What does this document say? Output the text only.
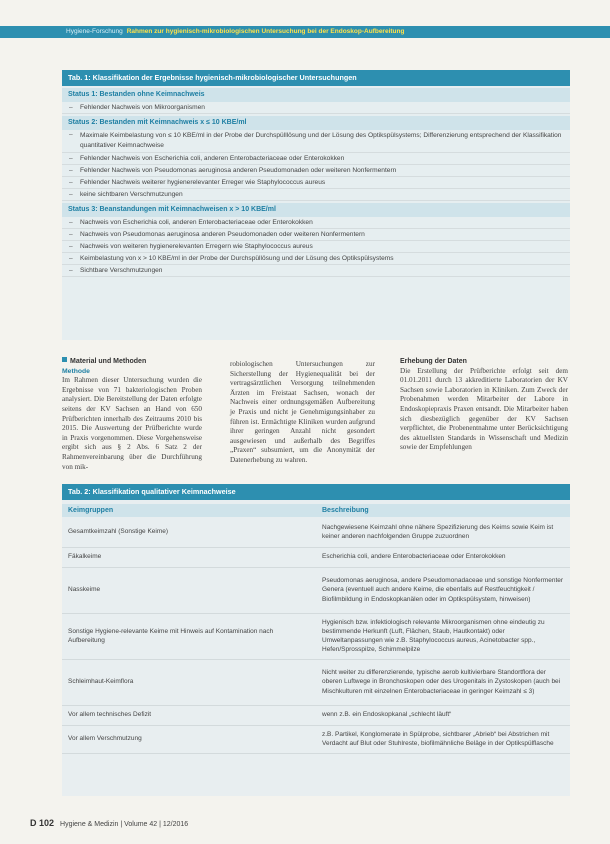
Hygiene-Forschung Rahmen zur hygienisch-mikrobiologischen Untersuchung bei der Endoskop-Aufbereitung
Tab. 1: Klassifikation der Ergebnisse hygienisch-mikrobiologischer Untersuchungen
Status 1: Bestanden ohne Keimnachweis
– Fehlender Nachweis von Mikroorganismen
Status 2: Bestanden mit Keimnachweis x ≤ 10 KBE/ml
– Maximale Keimbelastung von ≤ 10 KBE/ml in der Probe der Durchspülllösung und der Lösung des Optikspülsystems; Differenzierung entsprechend der Klassifikation quantitativer Keimnachweise
– Fehlender Nachweis von Escherichia coli, anderen Enterobacteriaceae oder Enterokokken
– Fehlender Nachweis von Pseudomonas aeruginosa anderen Pseudomonaden oder weiteren Nonfermentern
– Fehlender Nachweis weiterer hygienerelevanter Erreger wie Staphylococcus aureus
– keine sichtbaren Verschmutzungen
Status 3: Beanstandungen mit Keimnachweisen x > 10 KBE/ml
– Nachweis von Escherichia coli, anderen Enterobacteriaceae oder Enterokokken
– Nachweis von Pseudomonas aeruginosa anderen Pseudomonaden oder weiteren Nonfermentern
– Nachweis von weiteren hygienerelevanten Erregern wie Staphylococcus aureus
– Keimbelastung von x > 10 KBE/ml in der Probe der Durchspüllösung und der Lösung des Optikspülsystems
– Sichtbare Verschmutzungen
Material und Methoden
Methode
Im Rahmen dieser Untersuchung wurden die Ergebnisse von 71 bakteriologischen Proben analysiert. Die Bereitstellung der Daten erfolgte seitens der KV Sachsen an Hand von 650 Prüfberichten innerhalb des Zeitraums 2010 bis 2015. Die Auswertung der Prüfberichte wurde in Praxis vorgenommen. Diese Vorgehensweise ergibt sich aus § 2 Abs. 6 Satz 2 der Rahmenvereinbarung über die Durchführung von mik-
robiologischen Untersuchungen zur Sicherstellung der Hygienequalität bei der vertragsärztlichen Versorgung teilnehmenden Ärzten im Freistaat Sachsen, wonach der Nachweis einer ordnungsgemäßen Aufbereitung je Praxis und nicht je Genehmigungsinhaber zu führen ist. Ermächtigte Kliniken wurden aufgrund ihrer geringen Anzahl nicht gesondert ausgewiesen und außerhalb des Begriffes „Praxen“ subsumiert, um die Anonymität der Datenerhebung zu wahren.
Erhebung der Daten
Die Erstellung der Prüfberichte erfolgt seit dem 01.01.2011 durch 13 akkreditierte Laboratorien der KV Sachsen sowie Laboratorien in Kliniken. Zum Zweck der Probenahmen werden Mitarbeiter der Labore in Endoskopiepraxis Praxen entsandt. Die Mitarbeiter haben sich diesbezüglich gegenüber der KV Sachsen verpflichtet, die Probenentnahme unter Berücksichtigung des aktuellsten Standards in Wissenschaft und Medizin sowie der Empfehlungen
Tab. 2: Klassifikation qualitativer Keimnachweise
Keimgruppen	Beschreibung
Gesamtkeimzahl (Sonstige Keime)	Nachgewiesene Keimzahl ohne nähere Spezifizierung des Keims sowie Keim ist keiner anderen nachfolgenden Gruppe zuzuordnen
Fäkalkeime	Escherichia coli, andere Enterobacteriaceae oder Enterokokken
Nasskeime	Pseudomonas aeruginosa, andere Pseudomonadaceae und sonstige Nonfermenter Genera (eventuell auch andere Keime, die ebenfalls auf Restfeuchtigkeit / Biofilmbildung in Endoskopkanälen oder im Optikspülsystem, hinweisen)
Sonstige Hygiene-relevante Keime mit Hinweis auf Kontamination nach Aufbereitung	Hygienisch bzw. infektiologisch relevante Mikroorganismen ohne eindeutig zu bestimmende Herkunft (Luft, Flächen, Staub, Hautkontakt) oder Umweltanpassungen wie z.B. Staphylococcus aureus, Acinetobacter spp., Hefen/Sprosspilze, Schimmelpilze
Schleimhaut-Keimflora	Nicht weiter zu differenzierende, typische aerob kultivierbare Standortflora der oberen Luftwege in Bronchoskopen oder des Urogenitals in Zystoskopen (auch bei Mischkulturen mit einzelnen Enterobacteriaceae in geringer Keimzahl ≤ 3)
Vor allem technisches Defizit	wenn z.B. ein Endoskopkanal „schlecht läuft“
Vor allem Verschmutzung	z.B. Partikel, Konglomerate in Spülprobe, sichtbarer „Abrieb“ bei Abstrichen mit Verdacht auf Blut oder Stuhlreste, biofilmähnliche Beläge in der Optikspülflasche
D 102 Hygiene & Medizin | Volume 42 | 12/2016
